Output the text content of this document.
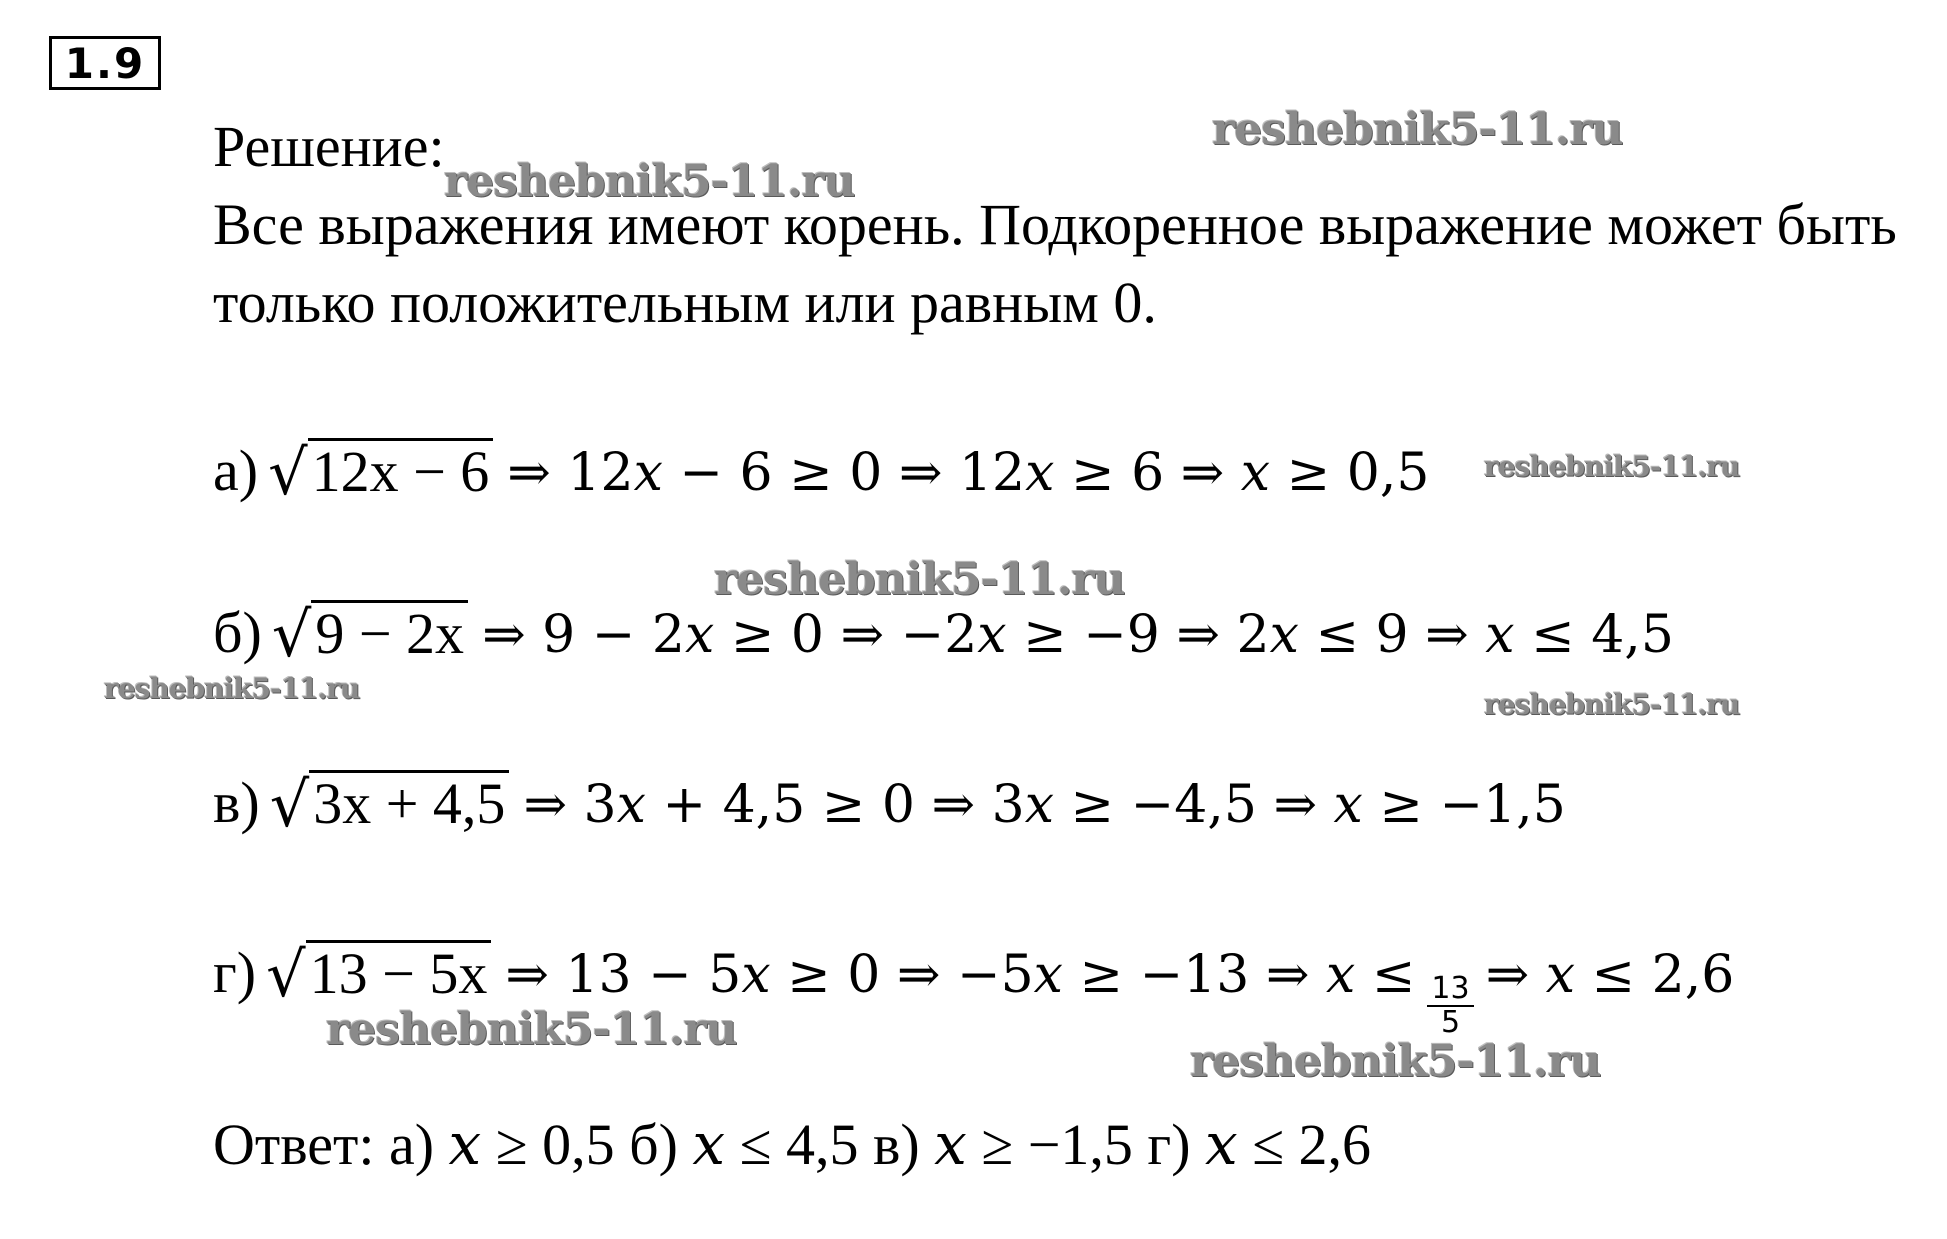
1.9
Решение:
Все выражения имеют корень. Подкоренное выражение может быть
только положительным или равным 0.
а) √ 12x − 6 ⇒ 12𝑥 − 6 ≥ 0 ⇒ 12𝑥 ≥ 6 ⇒ 𝑥 ≥ 0,5
б) √ 9 − 2x ⇒ 9 − 2𝑥 ≥ 0 ⇒ −2𝑥 ≥ −9 ⇒ 2𝑥 ≤ 9 ⇒ 𝑥 ≤ 4,5
в) √ 3x + 4,5 ⇒ 3𝑥 + 4,5 ≥ 0 ⇒ 3𝑥 ≥ −4,5 ⇒ 𝑥 ≥ −1,5
г) √ 13 − 5x ⇒ 13 − 5𝑥 ≥ 0 ⇒ −5𝑥 ≥ −13 ⇒ 𝑥 ≤ $\frac{13}{5}$ ⇒ 𝑥 ≤ 2,6
Ответ: а) 𝑥 ≥ 0,5 б) 𝑥 ≤ 4,5 в) 𝑥 ≥ −1,5 г) 𝑥 ≤ 2,6
reshebnik5-11.ru
reshebnik5-11.ru
reshebnik5-11.ru
reshebnik5-11.ru
reshebnik5-11.ru	reshebnik5-11.ru
reshebnik5-11.ru
reshebnik5-11.ru
